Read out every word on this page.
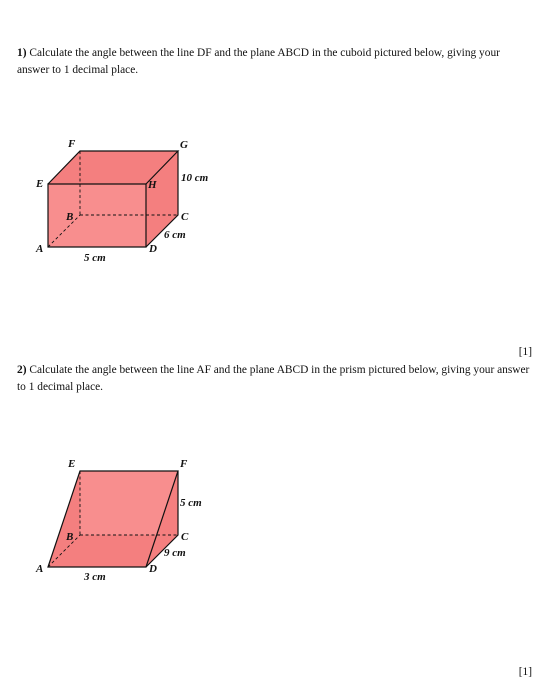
1) Calculate the angle between the line DF and the plane ABCD in the cuboid pictured below, giving your answer to 1 decimal place.

F	G
E	H
B	C
A	D
10 cm
6 cm
5 cm
[1]

2) Calculate the angle between the line AF and the plane ABCD in the prism pictured below, giving your answer to 1 decimal place.

E	F
B	C
A	D
5 cm
9 cm
3 cm
[1]
